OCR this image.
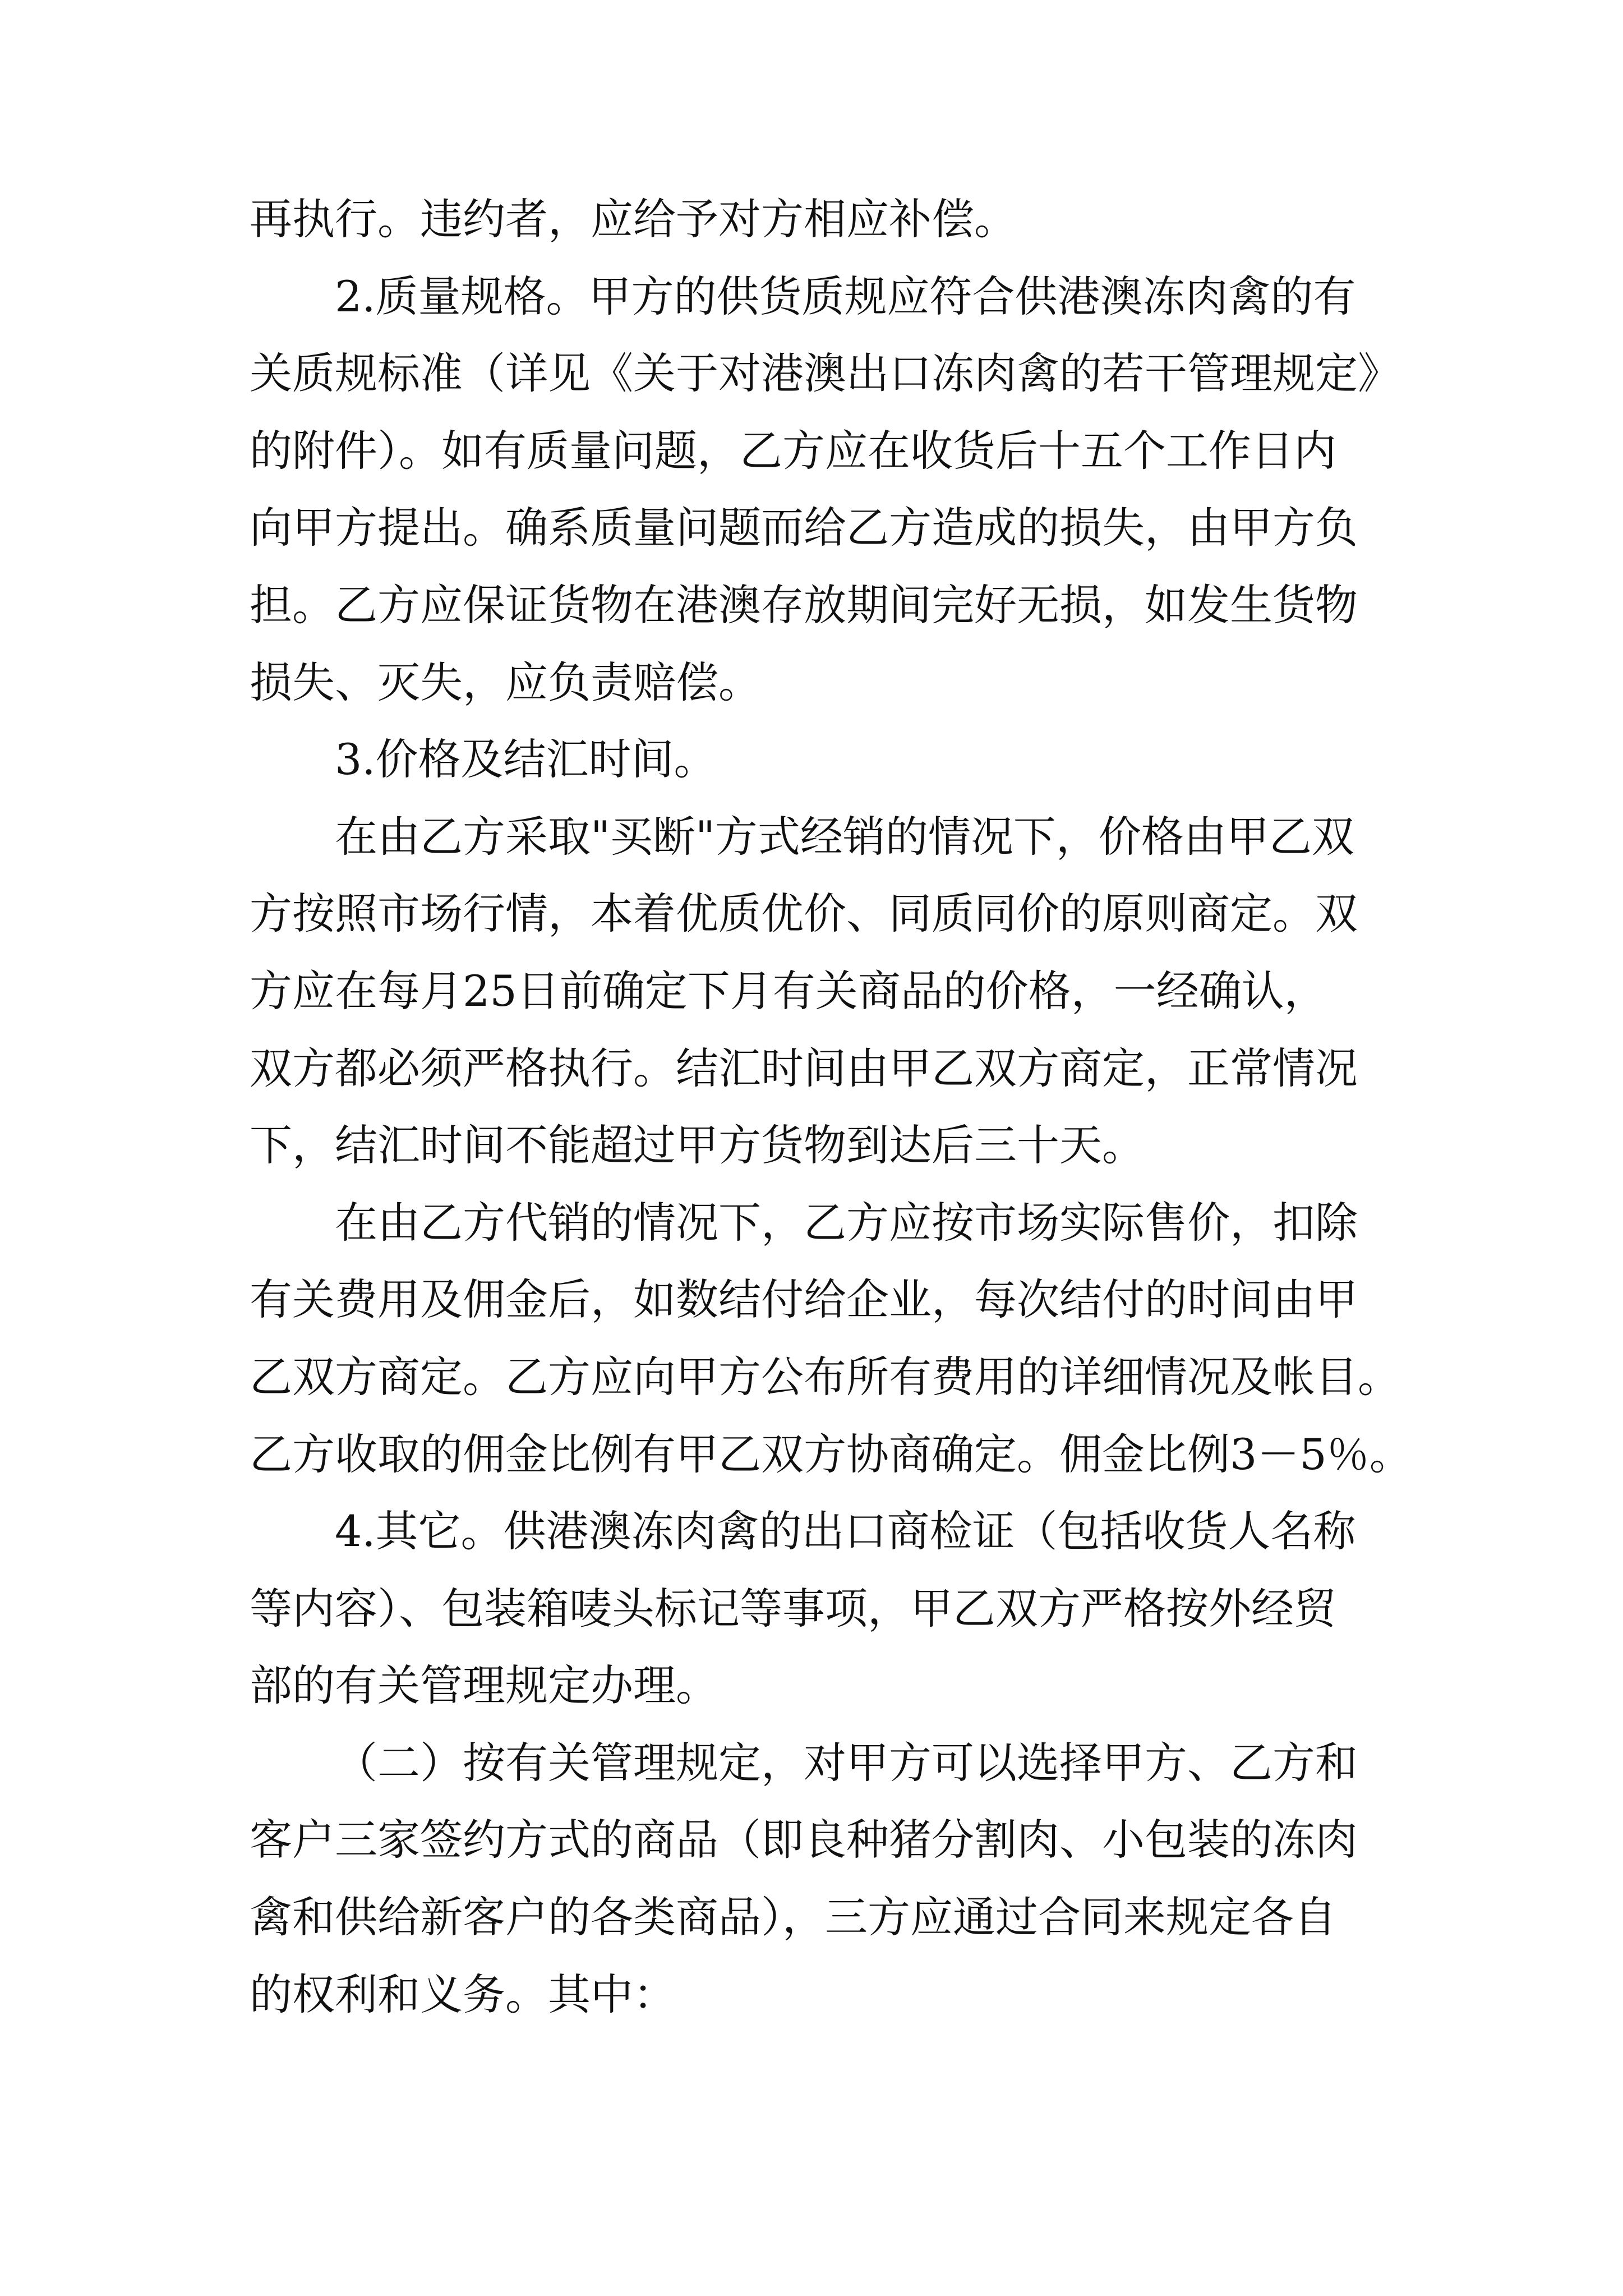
再执行。违约者，应给予对方相应补偿。
2.质量规格。甲方的供货质规应符合供港澳冻肉禽的有
关质规标准（详见《关于对港澳出口冻肉禽的若干管理规定》
的附件）。如有质量问题，乙方应在收货后十五个工作日内
向甲方提出。确系质量问题而给乙方造成的损失，由甲方负
担。乙方应保证货物在港澳存放期间完好无损，如发生货物
损失、灭失，应负责赔偿。
3.价格及结汇时间。
在由乙方采取"买断"方式经销的情况下，价格由甲乙双
方按照市场行情，本着优质优价、同质同价的原则商定。双
方应在每月25日前确定下月有关商品的价格，一经确认，
双方都必须严格执行。结汇时间由甲乙双方商定，正常情况
下，结汇时间不能超过甲方货物到达后三十天。
在由乙方代销的情况下，乙方应按市场实际售价，扣除
有关费用及佣金后，如数结付给企业，每次结付的时间由甲
乙双方商定。乙方应向甲方公布所有费用的详细情况及帐目。
乙方收取的佣金比例有甲乙双方协商确定。佣金比例3－5％。
4.其它。供港澳冻肉禽的出口商检证（包括收货人名称
等内容）、包装箱唛头标记等事项，甲乙双方严格按外经贸
部的有关管理规定办理。
（二）按有关管理规定，对甲方可以选择甲方、乙方和
客户三家签约方式的商品（即良种猪分割肉、小包装的冻肉
禽和供给新客户的各类商品），三方应通过合同来规定各自
的权利和义务。其中：
